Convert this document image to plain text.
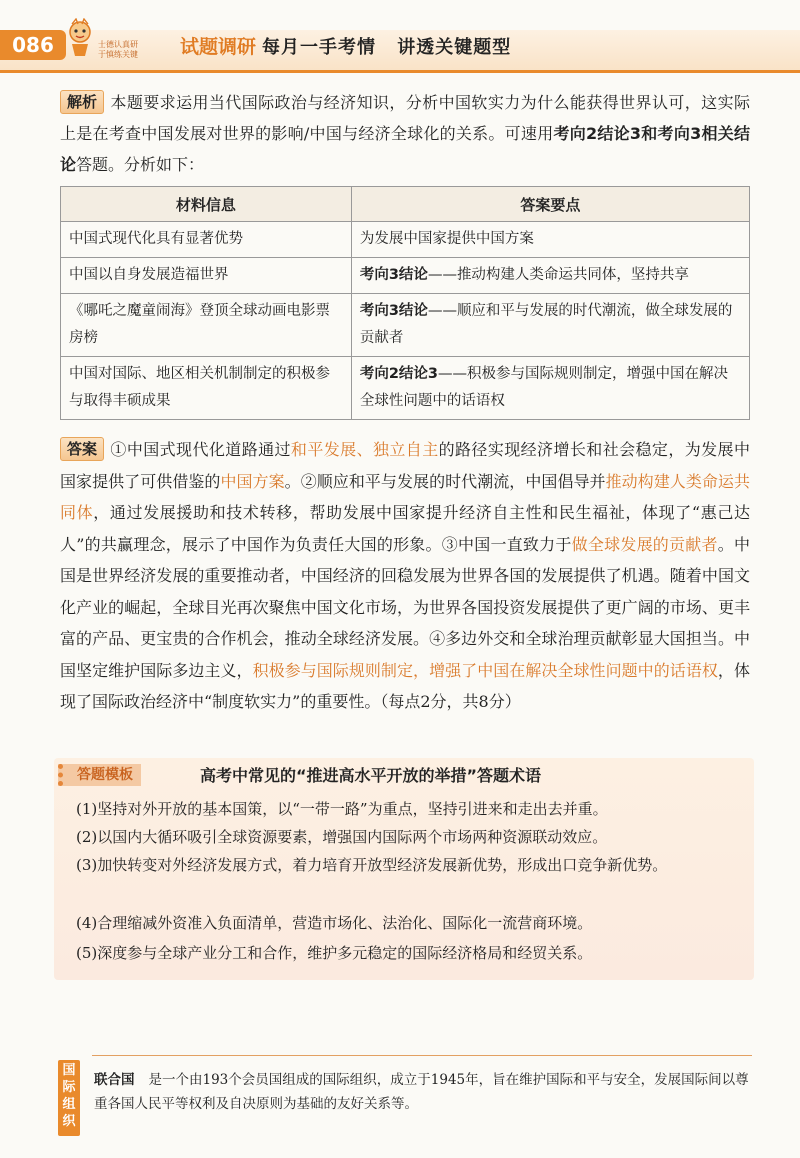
086	士德认真研
于慎练关键	试题调研 每月一手考情 讲透关键题型
解析 本题要求运用当代国际政治与经济知识，分析中国软实力为什么能获得世界认可，这实际上是在考查中国发展对世界的影响/中国与经济全球化的关系。可速用考向2结论3和考向3相关结论答题。分析如下：
材料信息	答案要点
中国式现代化具有显著优势	为发展中国家提供中国方案
中国以自身发展造福世界	考向3结论——推动构建人类命运共同体，坚持共享
《哪吒之魔童闹海》登顶全球动画电影票房榜	考向3结论——顺应和平与发展的时代潮流，做全球发展的贡献者
中国对国际、地区相关机制制定的积极参与取得丰硕成果	考向2结论3——积极参与国际规则制定，增强中国在解决全球性问题中的话语权
答案 ①中国式现代化道路通过和平发展、独立自主的路径实现经济增长和社会稳定，为发展中国家提供了可供借鉴的中国方案。②顺应和平与发展的时代潮流，中国倡导并推动构建人类命运共同体，通过发展援助和技术转移，帮助发展中国家提升经济自主性和民生福祉，体现了“惠己达人”的共赢理念，展示了中国作为负责任大国的形象。③中国一直致力于做全球发展的贡献者。中国是世界经济发展的重要推动者，中国经济的回稳发展为世界各国的发展提供了机遇。随着中国文化产业的崛起，全球目光再次聚焦中国文化市场，为世界各国投资发展提供了更广阔的市场、更丰富的产品、更宝贵的合作机会，推动全球经济发展。④多边外交和全球治理贡献彰显大国担当。中国坚定维护国际多边主义，积极参与国际规则制定，增强了中国在解决全球性问题中的话语权，体现了国际政治经济中“制度软实力”的重要性。（每点2分，共8分）
答题模板	高考中常见的“推进高水平开放的举措”答题术语
(1)坚持对外开放的基本国策，以“一带一路”为重点，坚持引进来和走出去并重。
(2)以国内大循环吸引全球资源要素，增强国内国际两个市场两种资源联动效应。
(3)加快转变对外经济发展方式，着力培育开放型经济发展新优势，形成出口竞争新优势。
(4)合理缩减外资准入负面清单，营造市场化、法治化、国际化一流营商环境。
(5)深度参与全球产业分工和合作，维护多元稳定的国际经济格局和经贸关系。
国际组织
联合国 是一个由193个会员国组成的国际组织，成立于1945年，旨在维护国际和平与安全，发展国际间以尊重各国人民平等权利及自决原则为基础的友好关系等。
